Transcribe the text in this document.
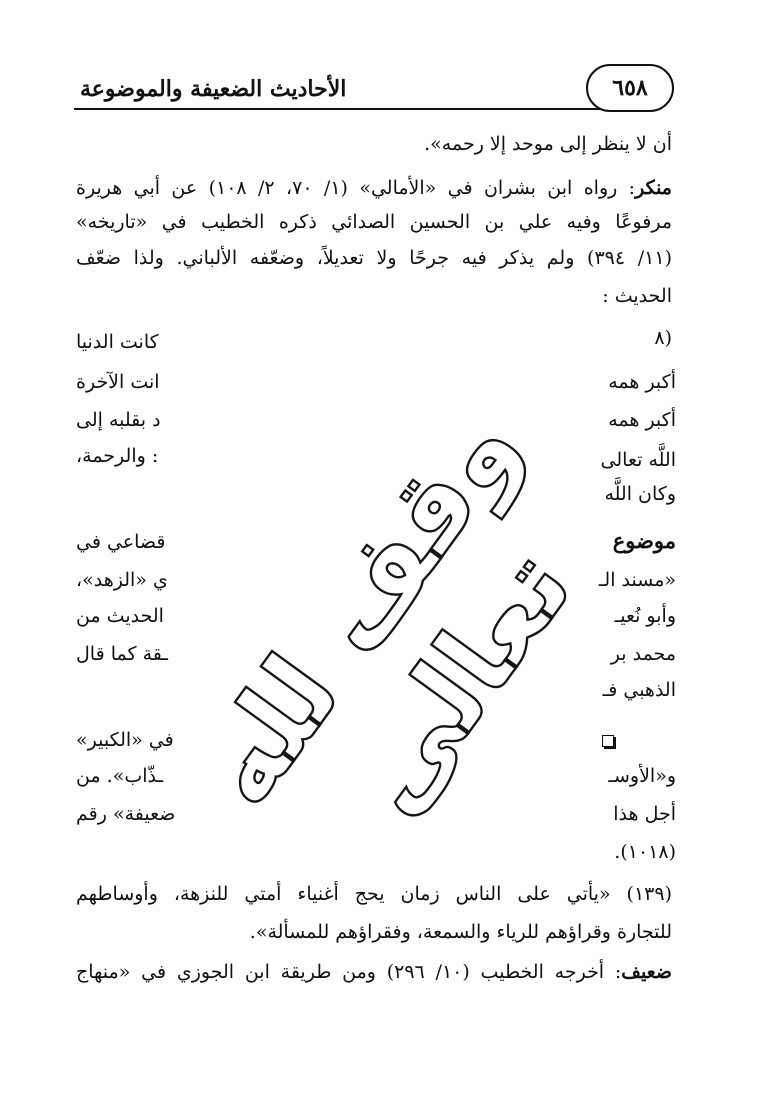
الأحاديث الضعيفة والموضوعة	٦٥٨
أن لا ينظر إلى موحد إلا رحمه».
منكر: رواه ابن بشران في «الأمالي» (١/ ٧٠، ٢/ ١٠٨) عن أبي هريرة
مرفوعًا وفيه علي بن الحسين الصدائي ذكره الخطيب في «تاريخه»
(١١/ ٣٩٤) ولم يذكر فيه جرحًا ولا تعديلاً، وضعّفه الألباني. ولذا ضعّف
الحديث :
(٨
أكبر همه
أكبر همه
اللَّه تعالى
وكان اللَّه
موضوع
«مسند الـ
وأبو نُعيـ
محمد بر
الذهبي فـ
و«الأوسـ
أجل هذا
كانت الدنيا
انت الآخرة
د بقلبه إلى
: والرحمة،
قضاعي في
ي «الزهد»،
الحديث من
ـقة كما قال
في «الكبير»
ـذّاب». من
ضعيفة» رقم
(١٠١٨).
(١٣٩) «يأتي على الناس زمان يحج أغنياء أمتي للنزهة، وأوساطهم
للتجارة وقراؤهم للرياء والسمعة، وفقراؤهم للمسألة».
ضعيف: أخرجه الخطيب (١٠/ ٢٩٦) ومن طريقة ابن الجوزي في «منهاج
وقف لله تعالى
